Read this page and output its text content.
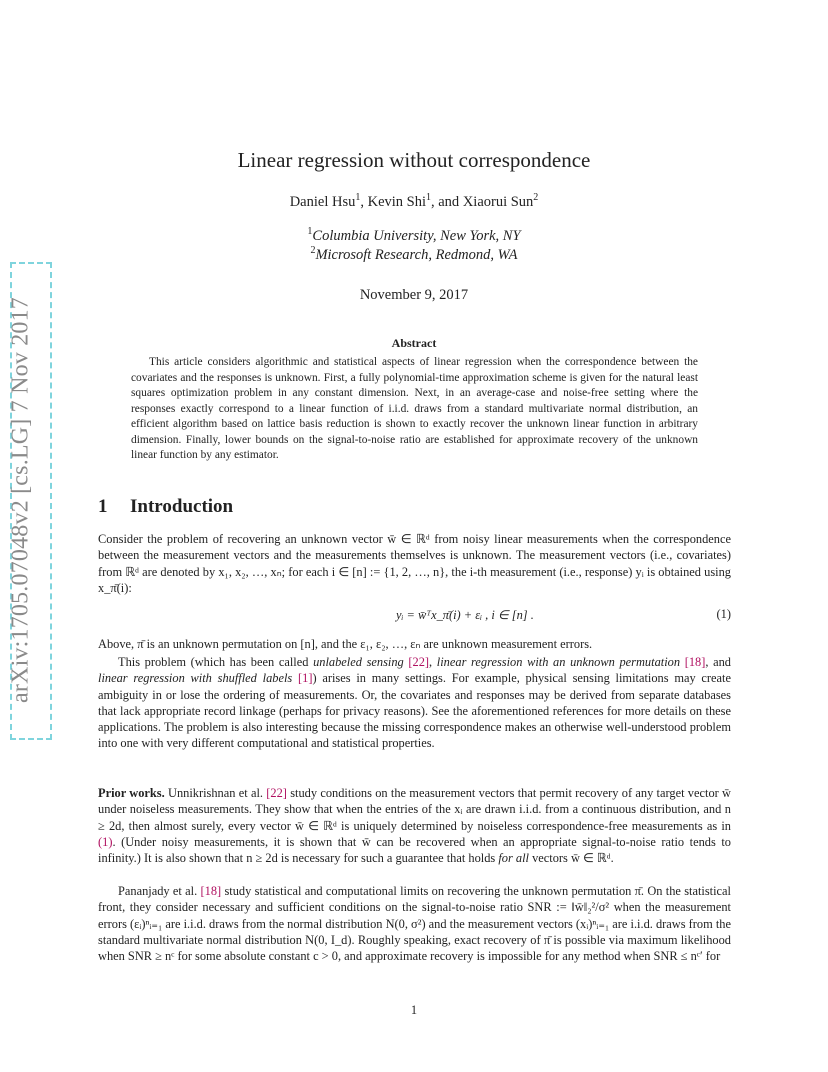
arXiv:1705.07048v2 [cs.LG] 7 Nov 2017
Linear regression without correspondence
Daniel Hsu$^1$, Kevin Shi$^1$, and Xiaorui Sun$^2$
$^1$Columbia University, New York, NY
$^2$Microsoft Research, Redmond, WA
November 9, 2017
Abstract
This article considers algorithmic and statistical aspects of linear regression when the correspondence between the covariates and the responses is unknown. First, a fully polynomial-time approximation scheme is given for the natural least squares optimization problem in any constant dimension. Next, in an average-case and noise-free setting where the responses exactly correspond to a linear function of i.i.d. draws from a standard multivariate normal distribution, an efficient algorithm based on lattice basis reduction is shown to exactly recover the unknown linear function in arbitrary dimension. Finally, lower bounds on the signal-to-noise ratio are established for approximate recovery of the unknown linear function by any estimator.
1 Introduction
Consider the problem of recovering an unknown vector w̄ ∈ ℝᵈ from noisy linear measurements when the correspondence between the measurement vectors and the measurements themselves is unknown. The measurement vectors (i.e., covariates) from ℝᵈ are denoted by x₁, x₂, …, xₙ; for each i ∈ [n] := {1, 2, …, n}, the i-th measurement (i.e., response) yᵢ is obtained using x_π̄(i):
yᵢ = w̄ᵀx_π̄(i) + εᵢ , i ∈ [n] .	(1)
Above, π̄ is an unknown permutation on [n], and the ε₁, ε₂, …, εₙ are unknown measurement errors.
This problem (which has been called unlabeled sensing [22], linear regression with an unknown permutation [18], and linear regression with shuffled labels [1]) arises in many settings. For example, physical sensing limitations may create ambiguity in or lose the ordering of measurements. Or, the covariates and responses may be derived from separate databases that lack appropriate record linkage (perhaps for privacy reasons). See the aforementioned references for more details on these applications. The problem is also interesting because the missing correspondence makes an otherwise well-understood problem into one with very different computational and statistical properties.
Prior works. Unnikrishnan et al. [22] study conditions on the measurement vectors that permit recovery of any target vector w̄ under noiseless measurements. They show that when the entries of the xᵢ are drawn i.i.d. from a continuous distribution, and n ≥ 2d, then almost surely, every vector w̄ ∈ ℝᵈ is uniquely determined by noiseless correspondence-free measurements as in (1). (Under noisy measurements, it is shown that w̄ can be recovered when an appropriate signal-to-noise ratio tends to infinity.) It is also shown that n ≥ 2d is necessary for such a guarantee that holds for all vectors w̄ ∈ ℝᵈ.
Pananjady et al. [18] study statistical and computational limits on recovering the unknown permutation π̄. On the statistical front, they consider necessary and sufficient conditions on the signal-to-noise ratio SNR := ‖w̄‖₂²/σ² when the measurement errors (εᵢ)ⁿᵢ₌₁ are i.i.d. draws from the normal distribution N(0, σ²) and the measurement vectors (xᵢ)ⁿᵢ₌₁ are i.i.d. draws from the standard multivariate normal distribution N(0, I_d). Roughly speaking, exact recovery of π̄ is possible via maximum likelihood when SNR ≥ nᶜ for some absolute constant c > 0, and approximate recovery is impossible for any method when SNR ≤ nᶜ′ for
1
